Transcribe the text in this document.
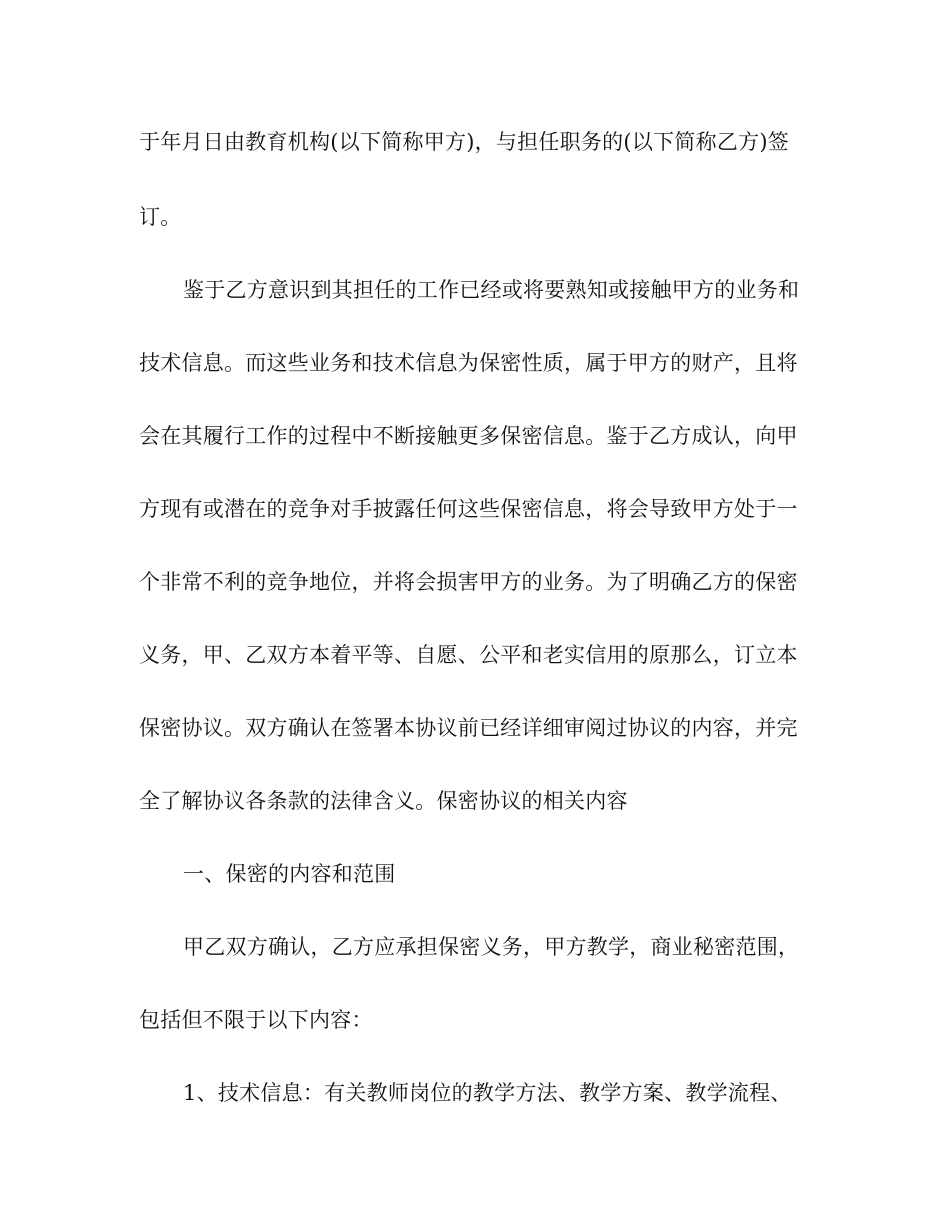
于年月日由教育机构(以下简称甲方)，与担任职务的(以下简称乙方)签
订。
鉴于乙方意识到其担任的工作已经或将要熟知或接触甲方的业务和
技术信息。而这些业务和技术信息为保密性质，属于甲方的财产，且将
会在其履行工作的过程中不断接触更多保密信息。鉴于乙方成认，向甲
方现有或潜在的竞争对手披露任何这些保密信息，将会导致甲方处于一
个非常不利的竞争地位，并将会损害甲方的业务。为了明确乙方的保密
义务，甲、乙双方本着平等、自愿、公平和老实信用的原那么，订立本
保密协议。双方确认在签署本协议前已经详细审阅过协议的内容，并完
全了解协议各条款的法律含义。保密协议的相关内容
一、保密的内容和范围
甲乙双方确认，乙方应承担保密义务，甲方教学，商业秘密范围，
包括但不限于以下内容：
1、技术信息：有关教师岗位的教学方法、教学方案、教学流程、
